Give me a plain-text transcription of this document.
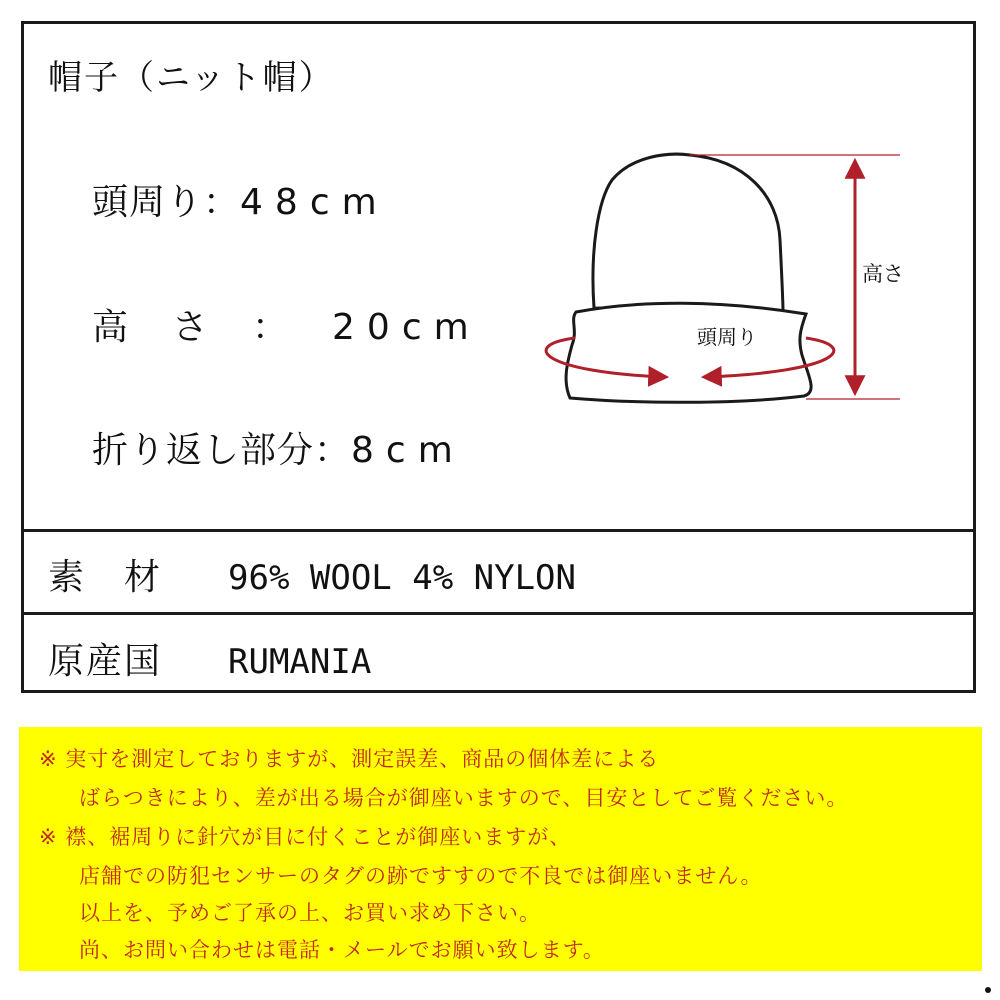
帽子（ニット帽）
頭周り：48cm
高さ：20cm
折り返し部分：8cm
素材 96% WOOL 4% NYLON
原産国 RUMANIA
高さ
頭周り
※ 実寸を測定しておりますが、測定誤差、商品の個体差による
ばらつきにより、差が出る場合が御座いますので、目安としてご覧ください。
※ 襟、裾周りに針穴が目に付くことが御座いますが、
店舗での防犯センサーのタグの跡ですすので不良では御座いません。
以上を、予めご了承の上、お買い求め下さい。
尚、お問い合わせは電話・メールでお願い致します。
